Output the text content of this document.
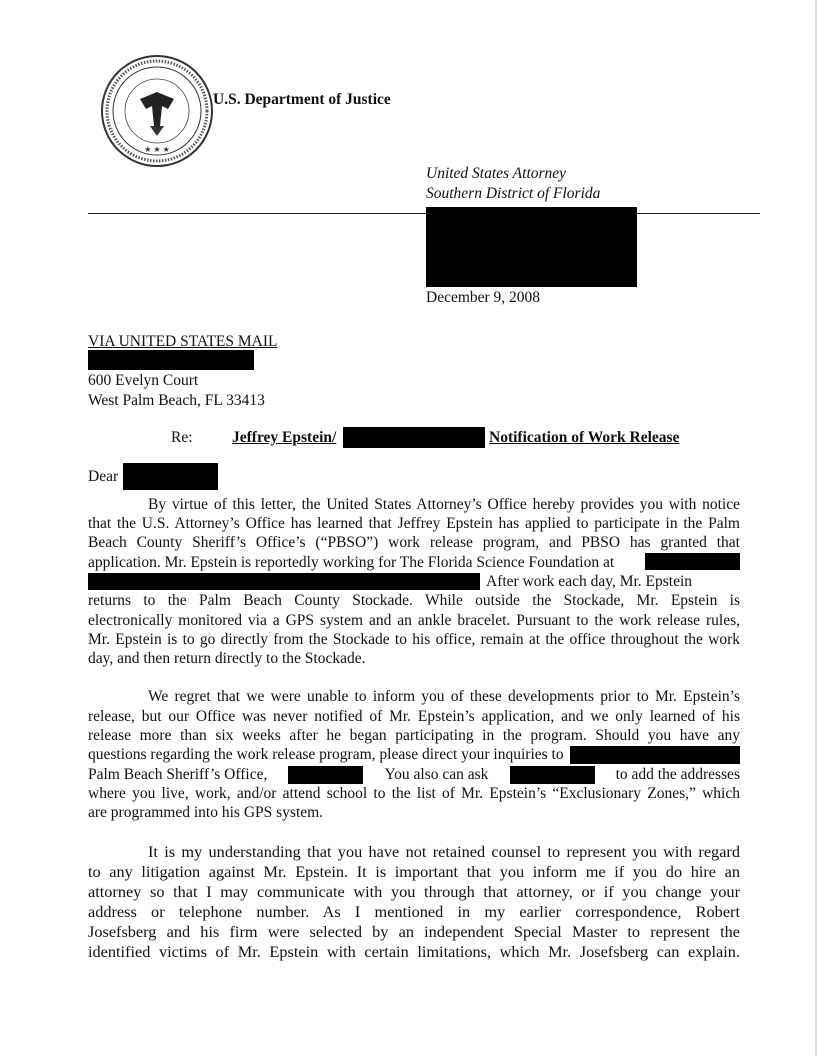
★ ★ ★
U.S. Department of Justice
United States Attorney
Southern District of Florida
December 9, 2008
VIA UNITED STATES MAIL
600 Evelyn Court
West Palm Beach, FL 33413
Re:	Jeffrey Epstein/	Notification of Work Release
Dear
By virtue of this letter, the United States Attorney’s Office hereby provides you with notice
that the U.S. Attorney’s Office has learned that Jeffrey Epstein has applied to participate in the Palm
Beach County Sheriff’s Office’s (“PBSO”) work release program, and PBSO has granted that
application. Mr. Epstein is reportedly working for The Florida Science Foundation at
After work each day, Mr. Epstein
returns to the Palm Beach County Stockade. While outside the Stockade, Mr. Epstein is
electronically monitored via a GPS system and an ankle bracelet. Pursuant to the work release rules,
Mr. Epstein is to go directly from the Stockade to his office, remain at the office throughout the work
day, and then return directly to the Stockade.
We regret that we were unable to inform you of these developments prior to Mr. Epstein’s
release, but our Office was never notified of Mr. Epstein’s application, and we only learned of his
release more than six weeks after he began participating in the program. Should you have any
questions regarding the work release program, please direct your inquiries to
Palm Beach Sheriff’s Office,	You also can ask	to add the addresses
where you live, work, and/or attend school to the list of Mr. Epstein’s “Exclusionary Zones,” which
are programmed into his GPS system.
It is my understanding that you have not retained counsel to represent you with regard
to any litigation against Mr. Epstein. It is important that you inform me if you do hire an
attorney so that I may communicate with you through that attorney, or if you change your
address or telephone number. As I mentioned in my earlier correspondence, Robert
Josefsberg and his firm were selected by an independent Special Master to represent the
identified victims of Mr. Epstein with certain limitations, which Mr. Josefsberg can explain.
